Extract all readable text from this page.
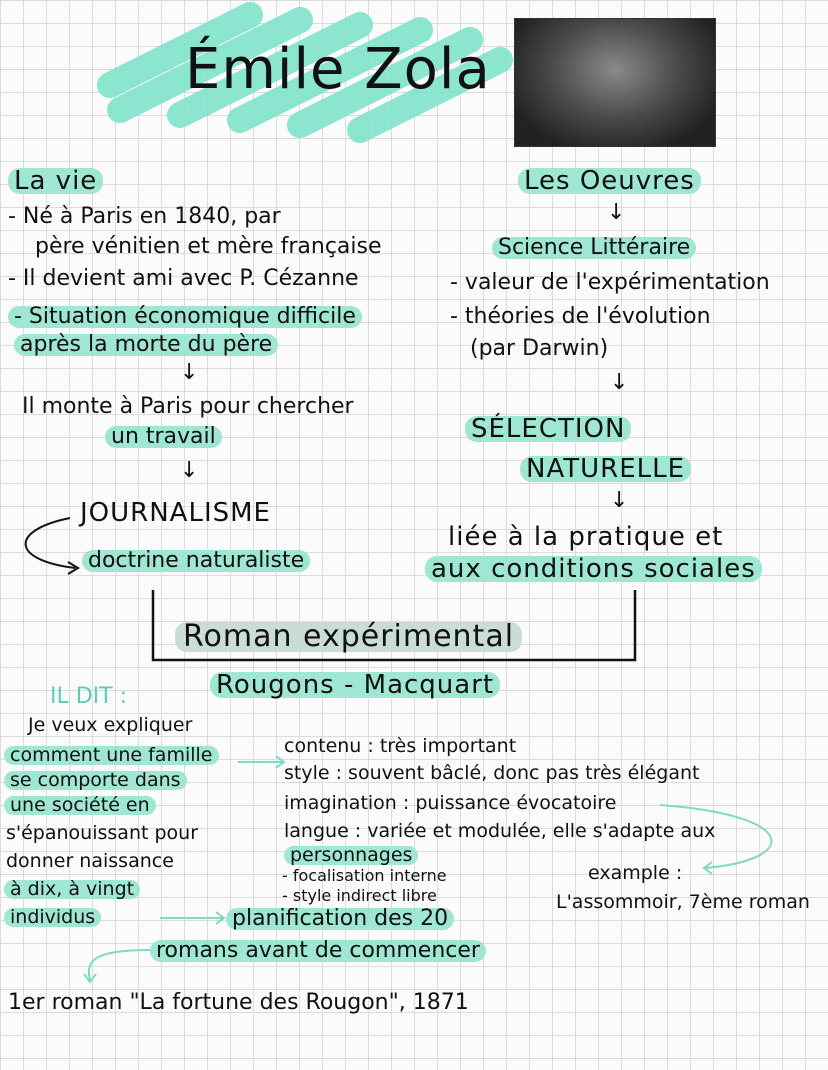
Émile Zola
La vie
- Né à Paris en 1840, par
père vénitien et mère française
- Il devient ami avec P. Cézanne
- Situation économique difficile
après la morte du père
↓
Il monte à Paris pour chercher
un travail
↓
JOURNALISME
doctrine naturaliste
Les Oeuvres
↓
Science Littéraire
- valeur de l'expérimentation
- théories de l'évolution
(par Darwin)
↓
SÉLECTION
NATURELLE
↓
liée à la pratique et
aux conditions sociales
Roman expérimental
Rougons - Macquart
IL DIT :
Je veux expliquer
comment une famille
se comporte dans
une société en
s'épanouissant pour
donner naissance
à dix, à vingt
individus
contenu : très important
style : souvent bâclé, donc pas très élégant
imagination : puissance évocatoire
langue : variée et modulée, elle s'adapte aux
personnages
- focalisation interne
- style indirect libre
example :
L'assommoir, 7ème roman
planification des 20
romans avant de commencer
1er roman "La fortune des Rougon", 1871
